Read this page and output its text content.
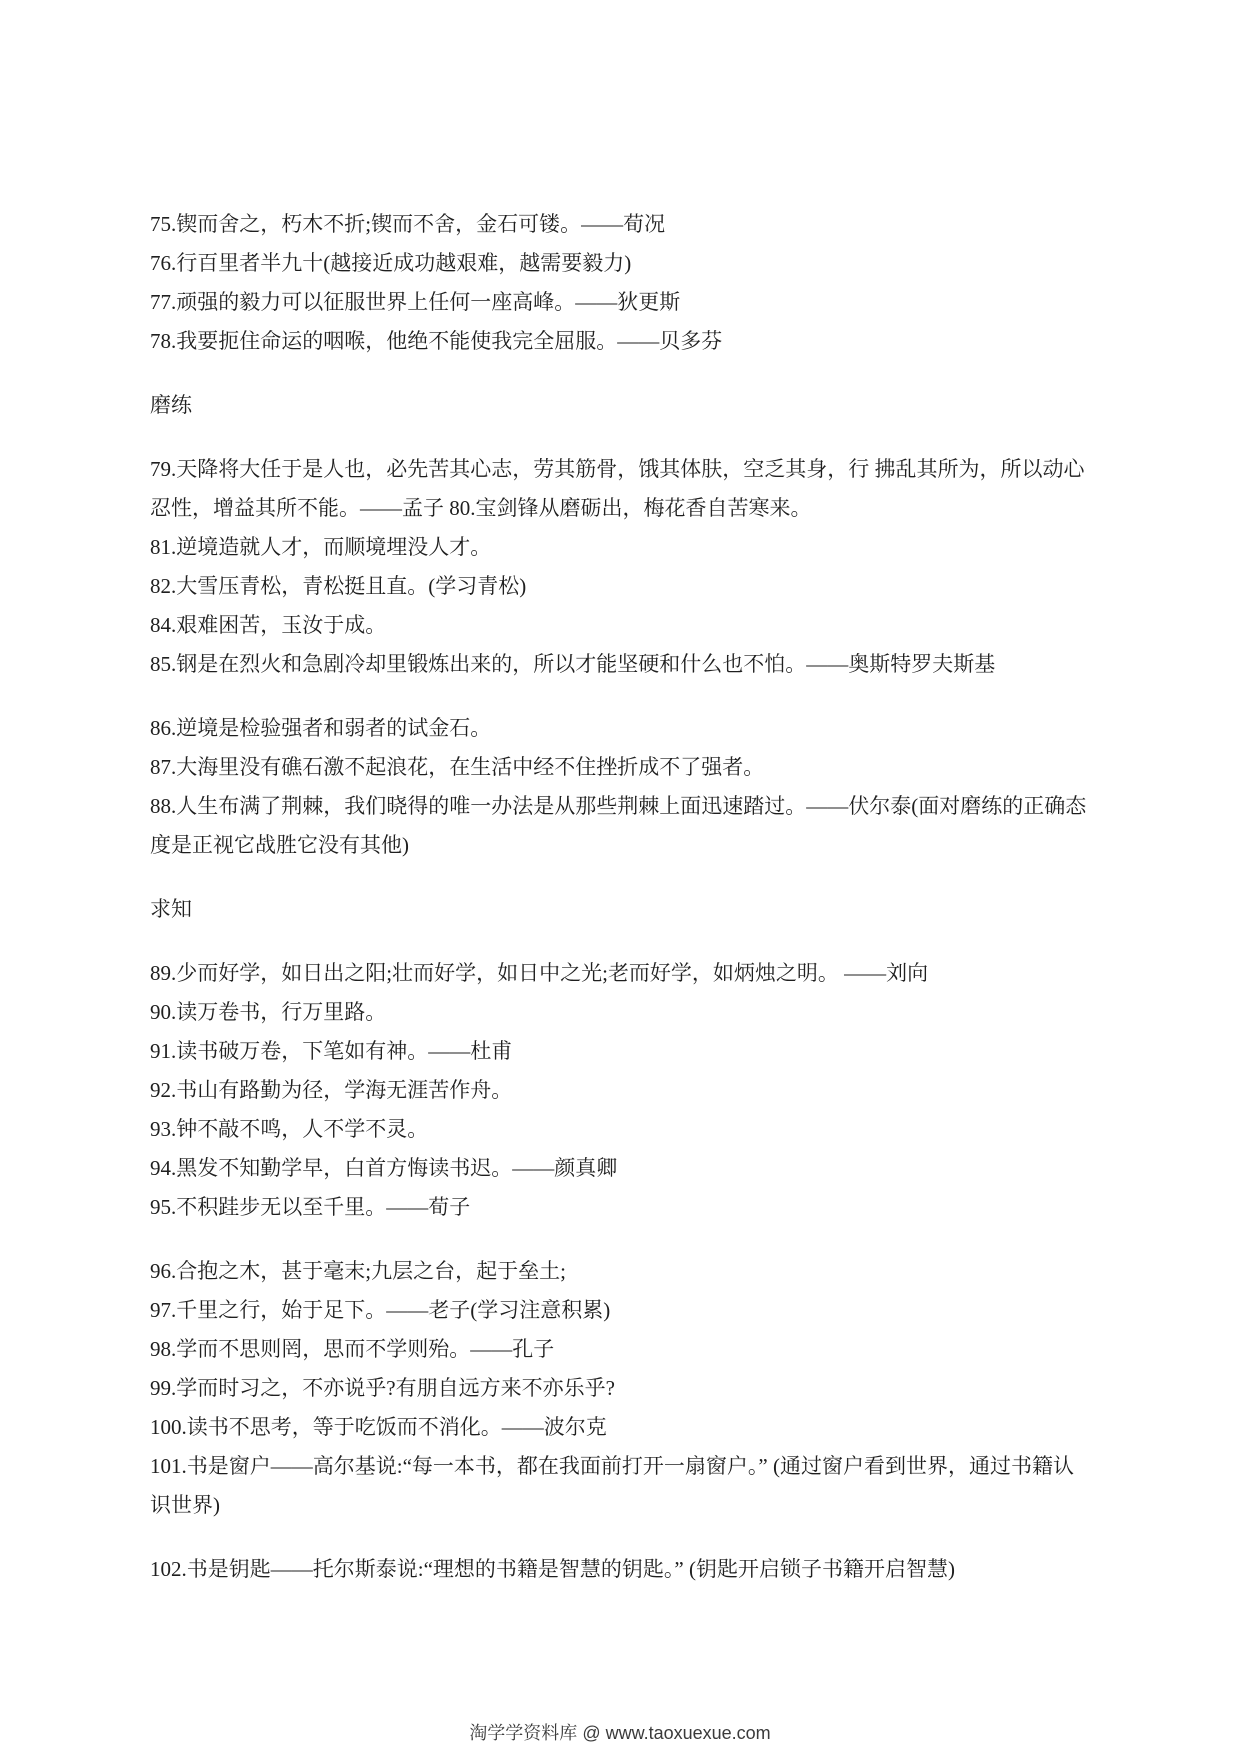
75.锲而舍之，朽木不折;锲而不舍，金石可镂。——荀况

76.行百里者半九十(越接近成功越艰难，越需要毅力)

77.顽强的毅力可以征服世界上任何一座高峰。——狄更斯

78.我要扼住命运的咽喉，他绝不能使我完全屈服。——贝多芬

磨练

79.天降将大任于是人也，必先苦其心志，劳其筋骨，饿其体肤，空乏其身，行 拂乱其所为，所以动心忍性，增益其所不能。——孟子 80.宝剑锋从磨砺出，梅花香自苦寒来。

81.逆境造就人才，而顺境埋没人才。

82.大雪压青松，青松挺且直。(学习青松)

84.艰难困苦，玉汝于成。

85.钢是在烈火和急剧冷却里锻炼出来的，所以才能坚硬和什么也不怕。——奥斯特罗夫斯基

86.逆境是检验强者和弱者的试金石。

87.大海里没有礁石激不起浪花，在生活中经不住挫折成不了强者。

88.人生布满了荆棘，我们晓得的唯一办法是从那些荆棘上面迅速踏过。——伏尔泰(面对磨练的正确态度是正视它战胜它没有其他)

求知

89.少而好学，如日出之阳;壮而好学，如日中之光;老而好学，如炳烛之明。 ——刘向

90.读万卷书，行万里路。

91.读书破万卷，下笔如有神。——杜甫

92.书山有路勤为径，学海无涯苦作舟。

93.钟不敲不鸣，人不学不灵。

94.黑发不知勤学早，白首方悔读书迟。——颜真卿

95.不积跬步无以至千里。——荀子

96.合抱之木，甚于毫末;九层之台，起于垒土;

97.千里之行，始于足下。——老子(学习注意积累)

98.学而不思则罔，思而不学则殆。——孔子

99.学而时习之，不亦说乎?有朋自远方来不亦乐乎?

100.读书不思考，等于吃饭而不消化。——波尔克

101.书是窗户——高尔基说:“每一本书，都在我面前打开一扇窗户。” (通过窗户看到世界，通过书籍认识世界)

102.书是钥匙——托尔斯泰说:“理想的书籍是智慧的钥匙。” (钥匙开启锁子书籍开启智慧)

淘学学资料库 @ www.taoxuexue.com
